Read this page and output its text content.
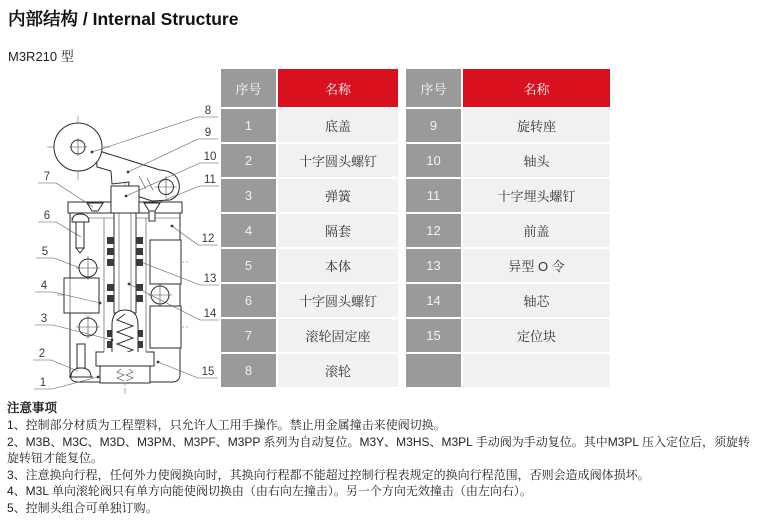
内部结构 / Internal Structure
M3R210 型
8
9
10
11
12
13
14
15
7
6
5
4
3
2
1
序号	名称
1	底盖
2	十字圆头螺钉
3	弹簧
4	隔套
5	本体
6	十字圆头螺钉
7	滚轮固定座
8	滚轮
序号	名称
9	旋转座
10	轴头
11	十字埋头螺钉
12	前盖
13	异型 O 令
14	轴芯
15	定位块

注意事项
1、控制部分材质为工程塑料，只允许人工用手操作。禁止用金属撞击来使阀切换。
2、M3B、M3C、M3D、M3PM、M3PF、M3PP 系列为自动复位。M3Y、M3HS、M3PL 手动阀为手动复位。其中M3PL 压入定位后，须旋转旋转钮才能复位。
3、注意换向行程，任何外力使阀换向时，其换向行程都不能超过控制行程表规定的换向行程范围，否则会造成阀体损坏。
4、M3L 单向滚轮阀只有单方向能使阀切换由（由右向左撞击）。另一个方向无效撞击（由左向右）。
5、控制头组合可单独订购。
